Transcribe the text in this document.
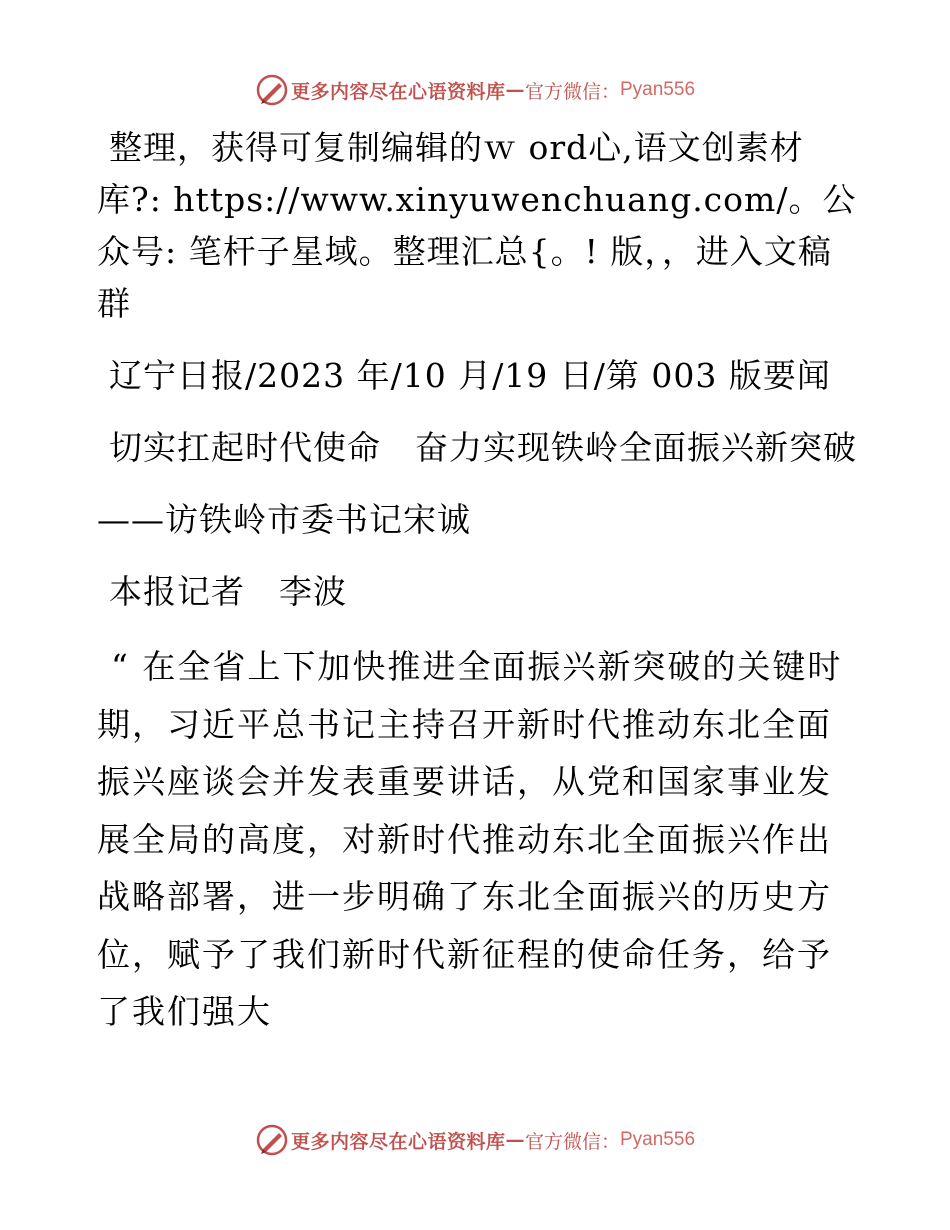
更多内容尽在心语资料库 — 官方微信： Pyan556

整理，获得可复制编辑的ｗ ord心,语文创素材库?: https://www.xinyuwenchuang.com/。公众号: 笔杆子星域。整理汇总{。! 版，，进入文稿群

辽宁日报/2023 年/10 月/19 日/第 003 版要闻

切实扛起时代使命　奋力实现铁岭全面振兴新突破

——访铁岭市委书记宋诚

本报记者　李波

“ 在全省上下加快推进全面振兴新突破的关键时期，习近平总书记主持召开新时代推动东北全面振兴座谈会并发表重要讲话，从党和国家事业发展全局的高度，对新时代推动东北全面振兴作出战略部署，进一步明确了东北全面振兴的历史方位，赋予了我们新时代新征程的使命任务，给予了我们强大

更多内容尽在心语资料库 — 官方微信： Pyan556
